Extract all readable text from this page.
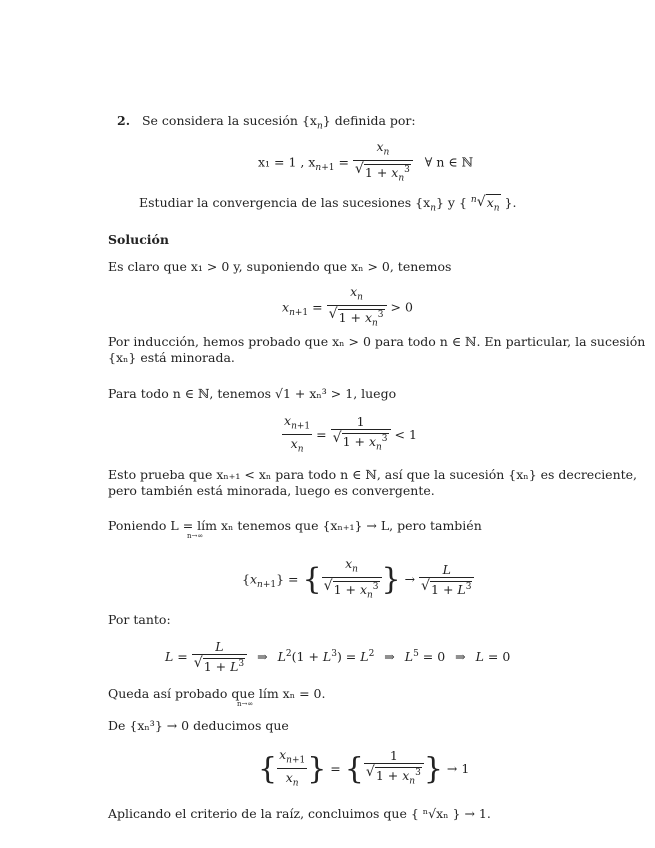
2. Se considera la sucesión $\{x_n\}$ definida por:
x₁ = 1 , $x_{n+1} = x_n$
√ $1 + x_n^3$ ∀ n ∈ ℕ
Estudiar la convergencia de las sucesiones $\{x_n\}$ y { $^n$√ $x_n$ }.
Solución
Es claro que x₁ > 0 y, suponiendo que xₙ > 0, tenemos
$x_{n+1} = x_n$
√ $1 + x_n^3 > 0$
Por inducción, hemos probado que xₙ > 0 para todo n ∈ ℕ. En particular, la sucesión
{xₙ} está minorada.
Para todo n ∈ ℕ, tenemos √1 + xₙ³ > 1, luego
$\frac{x_{n+1}}{x_n} = 1$
√ $1 + x_n^3 < 1$
Esto prueba que xₙ₊₁ < xₙ para todo n ∈ ℕ, así que la sucesión {xₙ} es decreciente,
pero también está minorada, luego es convergente.
Poniendo L = lím xₙ tenemos que {xₙ₊₁} → L, pero también
n→∞
$\{x_{n+1}\}$ = { $x_n$
√ $1 + x_n^3$ } → L
√ $1 + L^3$
Por tanto:
L = L
√ $1 + L^3$ ⇒ $L^2(1 + L^3) = L^2$ ⇒ $L^5 = 0$ ⇒ L = 0
Queda así probado que lím xₙ = 0.
n→∞
De {xₙ³} → 0 deducimos que
{ $\frac{x_{n+1}}{x_n}$ } = { 1
√ $1 + x_n^3$ } → 1
Aplicando el criterio de la raíz, concluimos que { ⁿ√xₙ } → 1.
